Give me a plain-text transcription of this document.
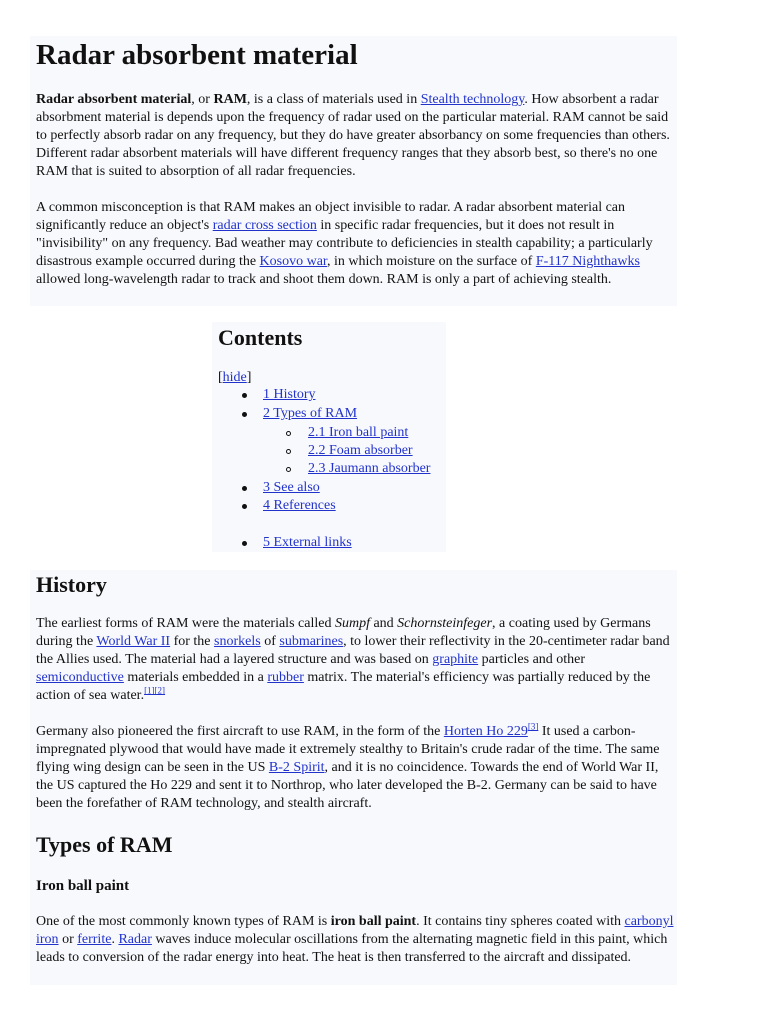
Radar absorbent material

Radar absorbent material, or RAM, is a class of materials used in Stealth technology. How absorbent a radar absorbment material is depends upon the frequency of radar used on the particular material. RAM cannot be said to perfectly absorb radar on any frequency, but they do have greater absorbancy on some frequencies than others. Different radar absorbent materials will have different frequency ranges that they absorb best, so there's no one RAM that is suited to absorption of all radar frequencies.

A common misconception is that RAM makes an object invisible to radar. A radar absorbent material can significantly reduce an object's radar cross section in specific radar frequencies, but it does not result in "invisibility" on any frequency. Bad weather may contribute to deficiencies in stealth capability; a particularly disastrous example occurred during the Kosovo war, in which moisture on the surface of F-117 Nighthawks allowed long-wavelength radar to track and shoot them down. RAM is only a part of achieving stealth.

Contents
[hide]
1 History
2 Types of RAM
2.1 Iron ball paint
2.2 Foam absorber
2.3 Jaumann absorber
3 See also
4 References
5 External links
History

The earliest forms of RAM were the materials called Sumpf and Schornsteinfeger, a coating used by Germans during the World War II for the snorkels of submarines, to lower their reflectivity in the 20-centimeter radar band the Allies used. The material had a layered structure and was based on graphite particles and other semiconductive materials embedded in a rubber matrix. The material's efficiency was partially reduced by the action of sea water.[1][2]

Germany also pioneered the first aircraft to use RAM, in the form of the Horten Ho 229[3] It used a carbon-impregnated plywood that would have made it extremely stealthy to Britain's crude radar of the time. The same flying wing design can be seen in the US B-2 Spirit, and it is no coincidence. Towards the end of World War II, the US captured the Ho 229 and sent it to Northrop, who later developed the B-2. Germany can be said to have been the forefather of RAM technology, and stealth aircraft.

Types of RAM
Iron ball paint

One of the most commonly known types of RAM is iron ball paint. It contains tiny spheres coated with carbonyl iron or ferrite. Radar waves induce molecular oscillations from the alternating magnetic field in this paint, which leads to conversion of the radar energy into heat. The heat is then transferred to the aircraft and dissipated.
